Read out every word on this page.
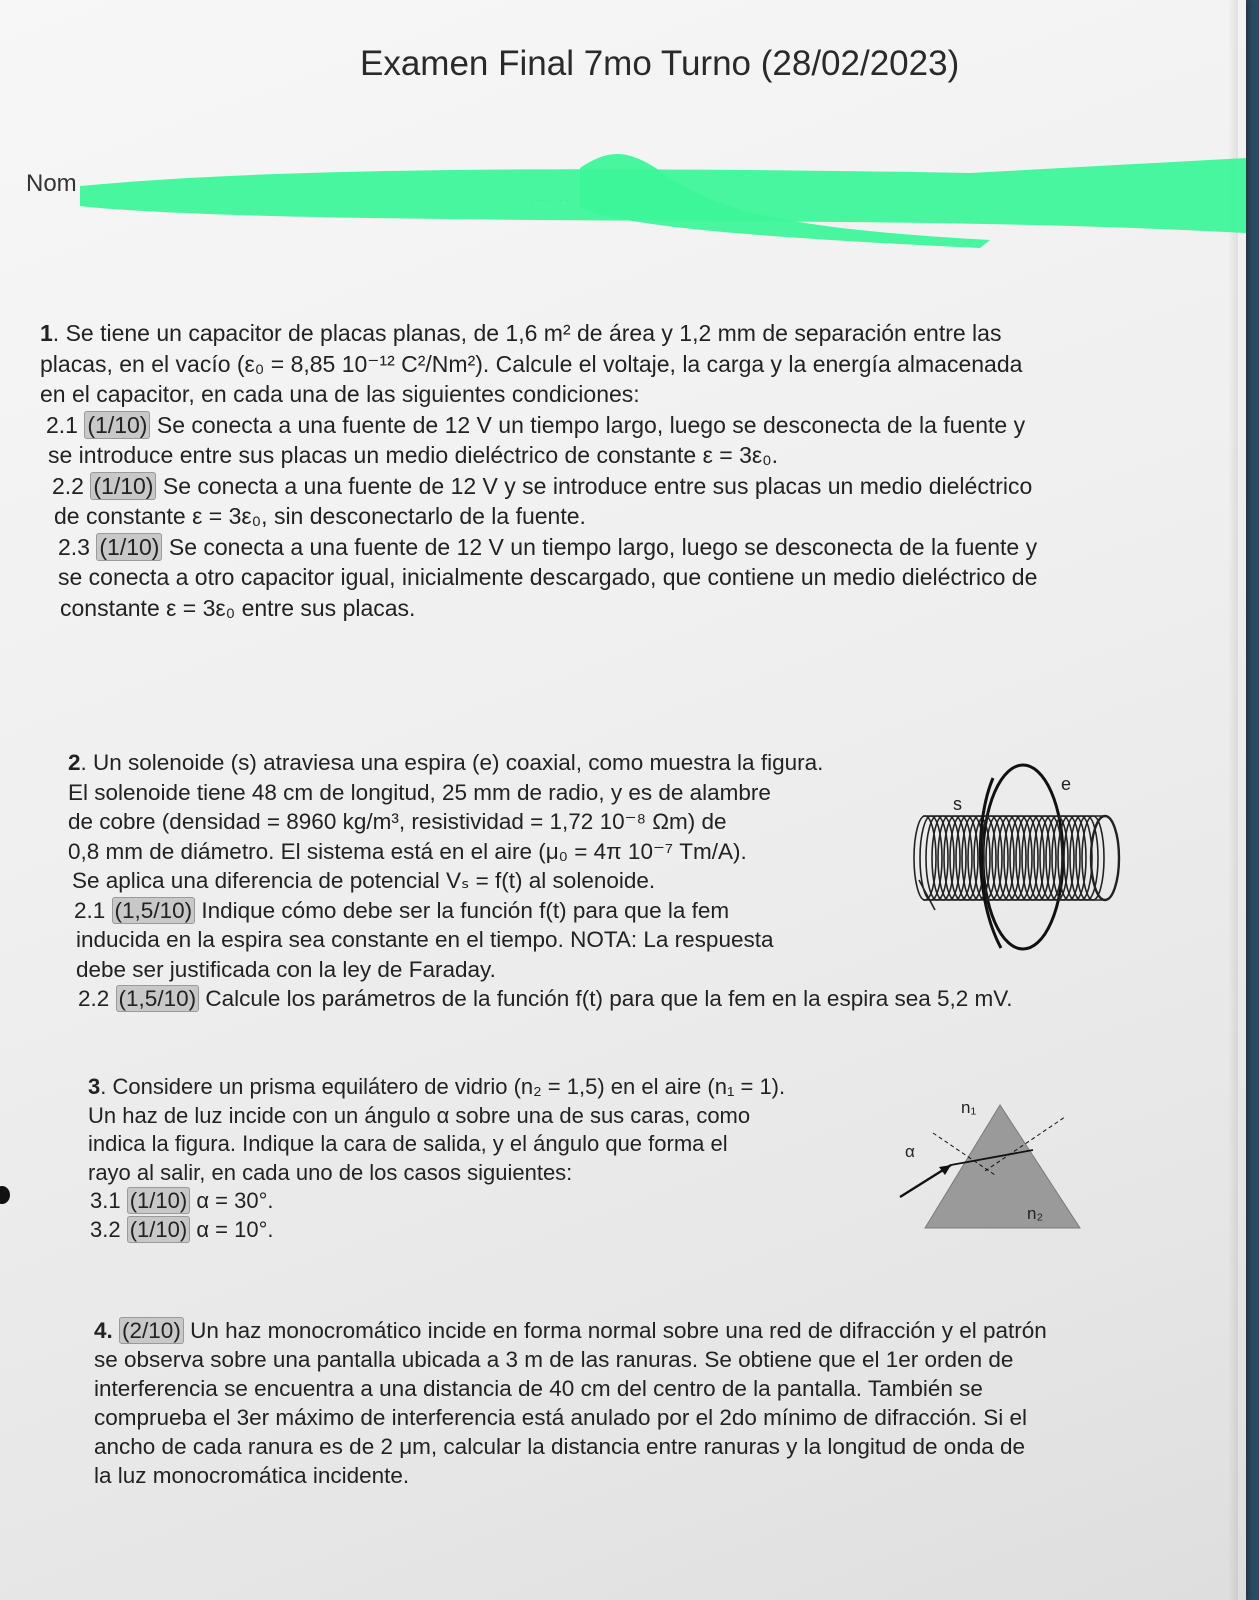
Examen Final 7mo Turno (28/02/2023)
Nom

1. Se tiene un capacitor de placas planas, de 1,6 m² de área y 1,2 mm de separación entre las

placas, en el vacío (ε₀ = 8,85 10⁻¹² C²/Nm²). Calcule el voltaje, la carga y la energía almacenada

en el capacitor, en cada una de las siguientes condiciones:

2.1 (1/10) Se conecta a una fuente de 12 V un tiempo largo, luego se desconecta de la fuente y

se introduce entre sus placas un medio dieléctrico de constante ε = 3ε₀.

2.2 (1/10) Se conecta a una fuente de 12 V y se introduce entre sus placas un medio dieléctrico

de constante ε = 3ε₀, sin desconectarlo de la fuente.

2.3 (1/10) Se conecta a una fuente de 12 V un tiempo largo, luego se desconecta de la fuente y

se conecta a otro capacitor igual, inicialmente descargado, que contiene un medio dieléctrico de

constante ε = 3ε₀ entre sus placas.

2. Un solenoide (s) atraviesa una espira (e) coaxial, como muestra la figura.

El solenoide tiene 48 cm de longitud, 25 mm de radio, y es de alambre

de cobre (densidad = 8960 kg/m³, resistividad = 1,72 10⁻⁸ Ωm) de

0,8 mm de diámetro. El sistema está en el aire (μ₀ = 4π 10⁻⁷ Tm/A).

Se aplica una diferencia de potencial Vₛ = f(t) al solenoide.

2.1 (1,5/10) Indique cómo debe ser la función f(t) para que la fem

inducida en la espira sea constante en el tiempo. NOTA: La respuesta

debe ser justificada con la ley de Faraday.

2.2 (1,5/10) Calcule los parámetros de la función f(t) para que la fem en la espira sea 5,2 mV.

s
e

3. Considere un prisma equilátero de vidrio (n₂ = 1,5) en el aire (n₁ = 1).

Un haz de luz incide con un ángulo α sobre una de sus caras, como

indica la figura. Indique la cara de salida, y el ángulo que forma el

rayo al salir, en cada uno de los casos siguientes:

3.1 (1/10) α = 30°.

3.2 (1/10) α = 10°.

n₁
n₂
α

4. (2/10) Un haz monocromático incide en forma normal sobre una red de difracción y el patrón

se observa sobre una pantalla ubicada a 3 m de las ranuras. Se obtiene que el 1er orden de

interferencia se encuentra a una distancia de 40 cm del centro de la pantalla. También se

comprueba el 3er máximo de interferencia está anulado por el 2do mínimo de difracción. Si el

ancho de cada ranura es de 2 μm, calcular la distancia entre ranuras y la longitud de onda de

la luz monocromática incidente.
